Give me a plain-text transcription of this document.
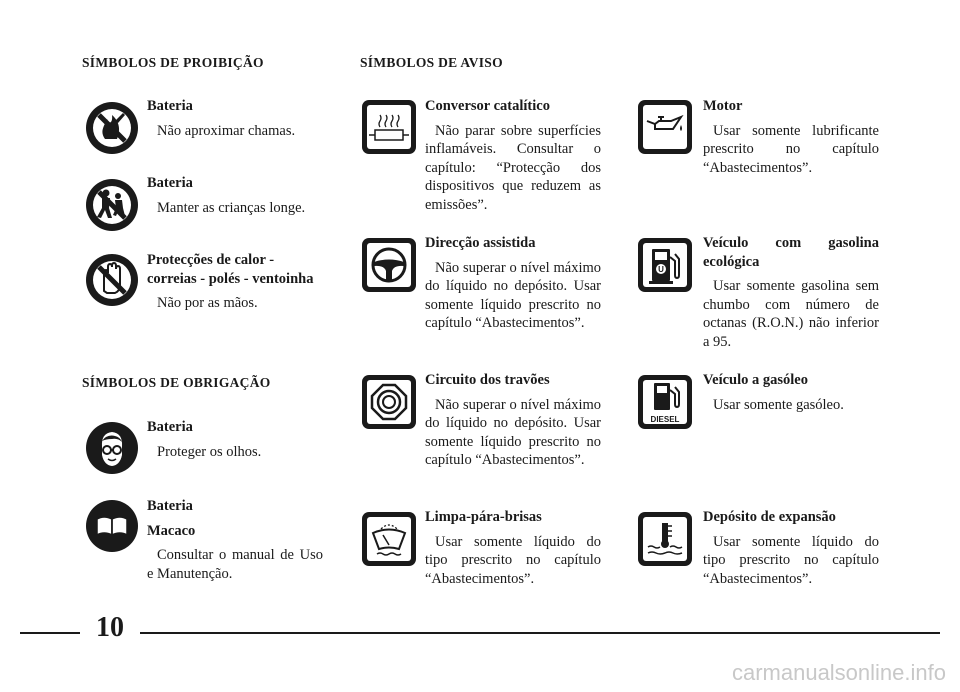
SÍMBOLOS DE PROIBIÇÃO	SÍMBOLOS DE AVISO
SÍMBOLOS DE OBRIGAÇÃO
Bateria
Não aproximar chamas.
Bateria
Manter as crianças longe.
Protecções de calor - correias - polés - ventoinha
Não por as mãos.
Bateria
Proteger os olhos.
Bateria
Macaco
Consultar o manual de Uso e Manutenção.
Conversor catalítico
Não parar sobre superfícies inflamáveis. Consultar o capítulo: “Protecção dos dispositivos que reduzem as emissões”.
Direcção assistida
Não superar o nível máximo do líquido no depósito. Usar somente líquido prescrito no capítulo “Abastecimentos”.
Circuito dos travões
Não superar o nível máximo do líquido no depósito. Usar somente líquido prescrito no capítulo “Abastecimentos”.
Limpa-pára-brisas
Usar somente líquido do tipo prescrito no capítulo “Abastecimentos”.
U
DIESEL
Motor
Usar somente lubrificante prescrito no capítulo “Abastecimentos”.
Veículo com gasolina ecológica
Usar somente gasolina sem chumbo com número de octanas (R.O.N.) não inferior a 95.
Veículo a gasóleo
Usar somente gasóleo.
Depósito de expansão
Usar somente líquido do tipo prescrito no capítulo “Abastecimentos”.
10
carmanualsonline.info
